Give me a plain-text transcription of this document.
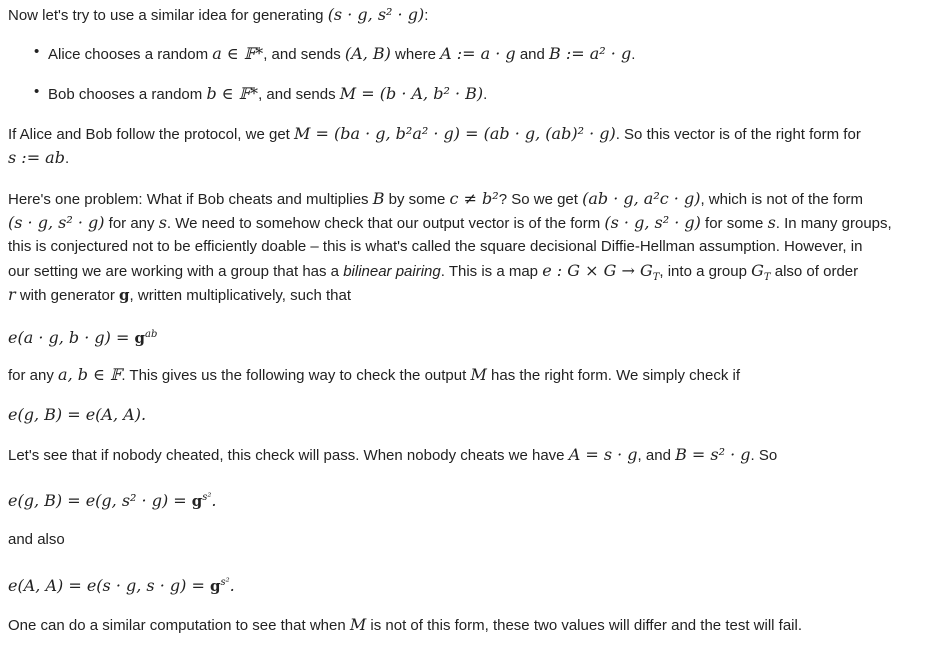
Now let's try to use a similar idea for generating (s · g, s² · g):
• Alice chooses a random a ∈ 𝔽*, and sends (A, B) where A := a · g and B := a² · g.
• Bob chooses a random b ∈ 𝔽*, and sends M = (b · A, b² · B).
If Alice and Bob follow the protocol, we get M = (ba · g, b²a² · g) = (ab · g, (ab)² · g). So this vector is of the right form for
s := ab.
Here's one problem: What if Bob cheats and multiplies B by some c ≠ b²? So we get (ab · g, a²c · g), which is not of the form
(s · g, s² · g) for any s. We need to somehow check that our output vector is of the form (s · g, s² · g) for some s. In many groups,
this is conjectured not to be efficiently doable – this is what's called the square decisional Diffie-Hellman assumption. However, in
our setting we are working with a group that has a bilinear pairing. This is a map e : $G \times G \to G_T$, into a group $G_T$ also of order
r with generator g, written multiplicatively, such that
e(a · g, $b \cdot g) = g^{ab}$
for any a, b ∈ 𝔽. This gives us the following way to check the output M has the right form. We simply check if
e(g, B) = e(A, A).
Let's see that if nobody cheated, this check will pass. When nobody cheats we have A = s · g, and B = s² · g. So
e(g, B) = e(g, $s^2 \cdot g) = g^{s^2}$.
and also
e(A, A) = e(s · g, $s \cdot g) = g^{s^2}$.
One can do a similar computation to see that when M is not of this form, these two values will differ and the test will fail.
